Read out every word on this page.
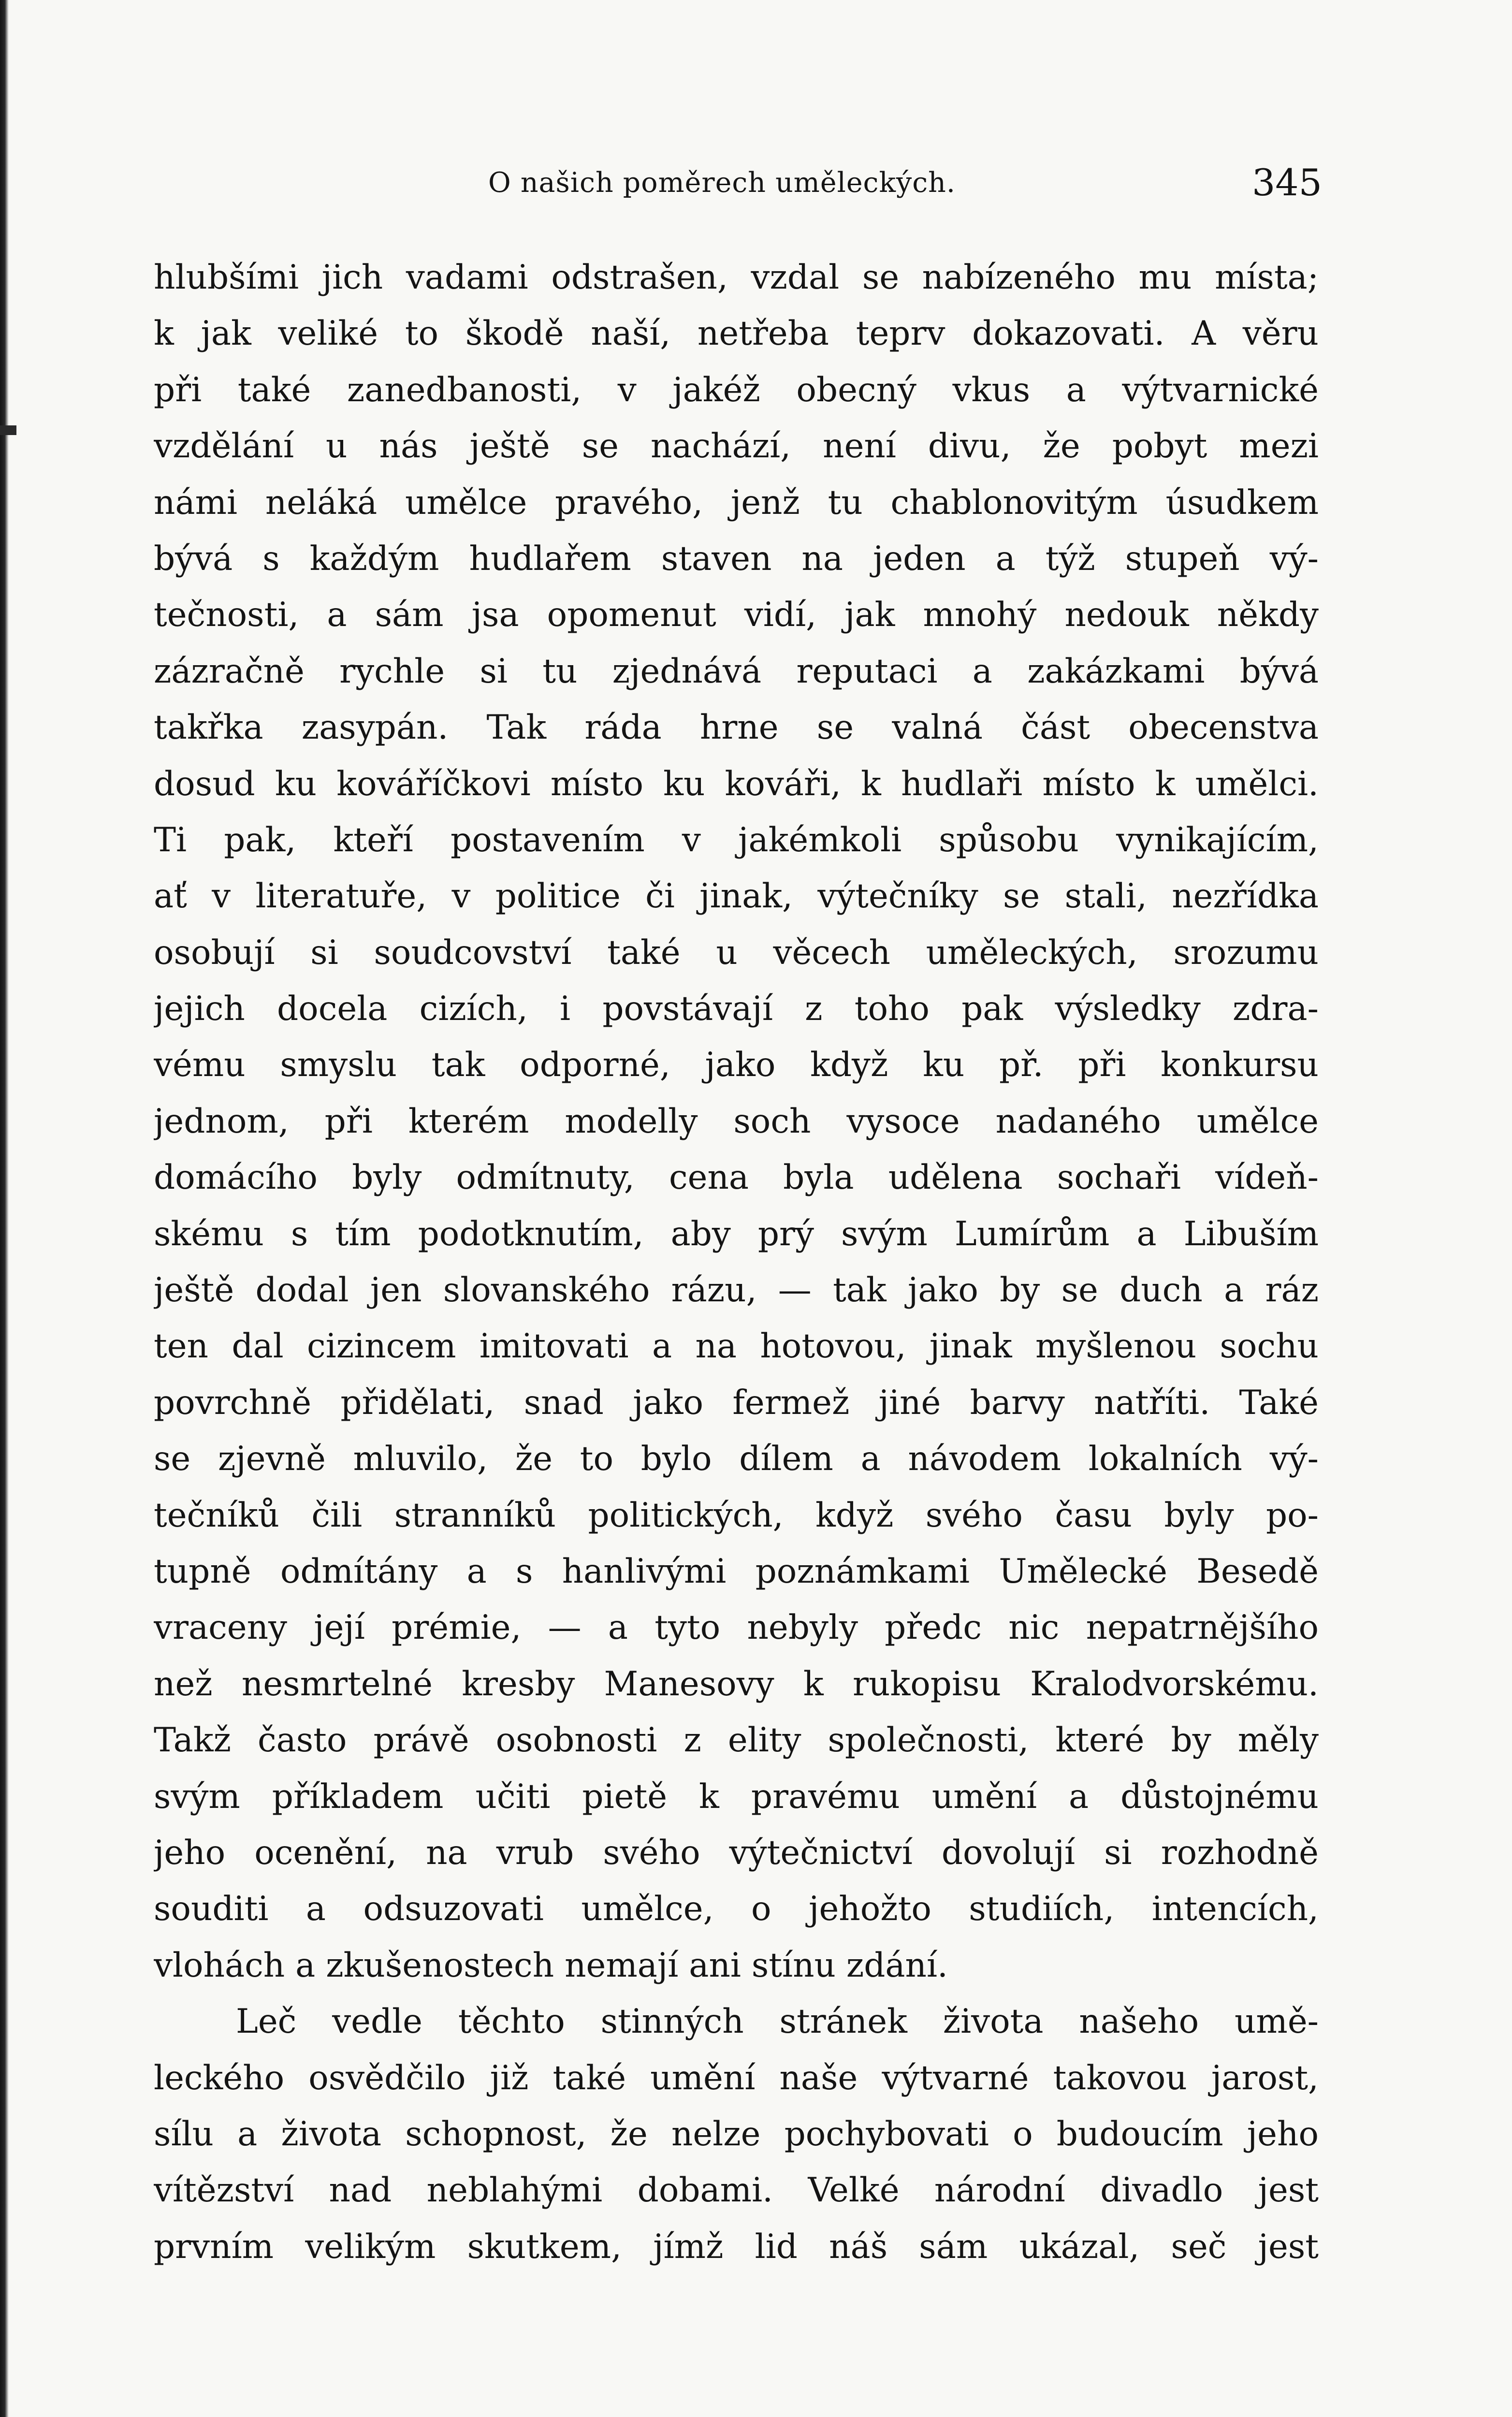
O našich poměrech uměleckých.	345
hlubšími jich vadami odstrašen, vzdal se nabízeného mu místa;
k jak veliké to škodě naší, netřeba teprv dokazovati. A věru
při také zanedbanosti, v jakéž obecný vkus a výtvarnické
vzdělání u nás ještě se nachází, není divu, že pobyt mezi
námi neláká umělce pravého, jenž tu chablonovitým úsudkem
bývá s každým hudlařem staven na jeden a týž stupeň vý-
tečnosti, a sám jsa opomenut vidí, jak mnohý nedouk někdy
zázračně rychle si tu zjednává reputaci a zakázkami bývá
takřka zasypán. Tak ráda hrne se valná část obecenstva
dosud ku kováříčkovi místo ku kováři, k hudlaři místo k umělci.
Ti pak, kteří postavením v jakémkoli spůsobu vynikajícím,
ať v literatuře, v politice či jinak, výtečníky se stali, nezřídka
osobují si soudcovství také u věcech uměleckých, srozumu
jejich docela cizích, i povstávají z toho pak výsledky zdra-
vému smyslu tak odporné, jako když ku př. při konkursu
jednom, při kterém modelly soch vysoce nadaného umělce
domácího byly odmítnuty, cena byla udělena sochaři vídeň-
skému s tím podotknutím, aby prý svým Lumírům a Libuším
ještě dodal jen slovanského rázu, — tak jako by se duch a ráz
ten dal cizincem imitovati a na hotovou, jinak myšlenou sochu
povrchně přidělati, snad jako fermež jiné barvy natříti. Také
se zjevně mluvilo, že to bylo dílem a návodem lokalních vý-
tečníků čili stranníků politických, když svého času byly po-
tupně odmítány a s hanlivými poznámkami Umělecké Besedě
vraceny její prémie, — a tyto nebyly předc nic nepatrnějšího
než nesmrtelné kresby Manesovy k rukopisu Kralodvorskému.
Takž často právě osobnosti z elity společnosti, které by měly
svým příkladem učiti pietě k pravému umění a důstojnému
jeho ocenění, na vrub svého výtečnictví dovolují si rozhodně
souditi a odsuzovati umělce, o jehožto studiích, intencích,
vlohách a zkušenostech nemají ani stínu zdání.
Leč vedle těchto stinných stránek života našeho umě-
leckého osvědčilo již také umění naše výtvarné takovou jarost,
sílu a života schopnost, že nelze pochybovati o budoucím jeho
vítězství nad neblahými dobami. Velké národní divadlo jest
prvním velikým skutkem, jímž lid náš sám ukázal, seč jest
